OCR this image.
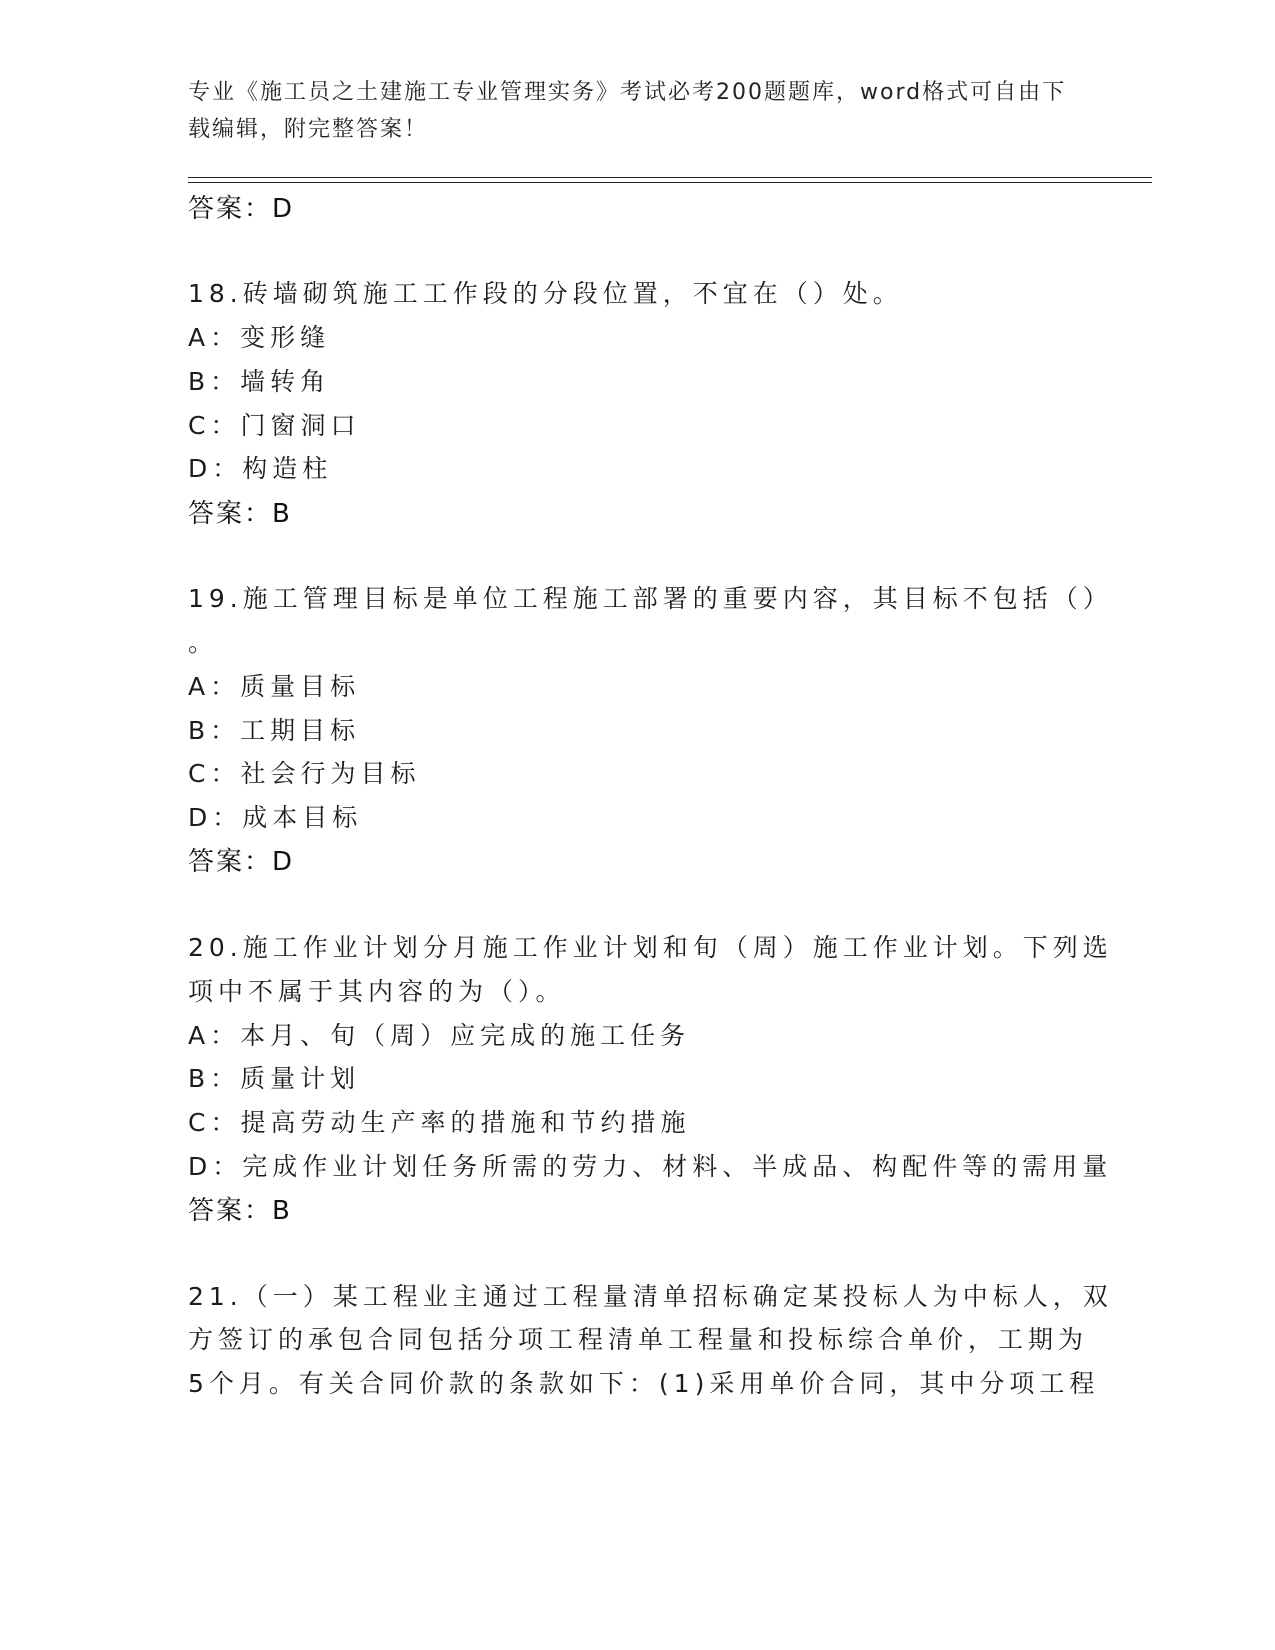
专业《施工员之土建施工专业管理实务》考试必考200题题库，word格式可自由下载编辑，附完整答案！
答案：D
18.砖墙砌筑施工工作段的分段位置，不宜在（）处。
A：变形缝
B：墙转角
C：门窗洞口
D：构造柱
答案：B
19.施工管理目标是单位工程施工部署的重要内容，其目标不包括（）
。
A：质量目标
B：工期目标
C：社会行为目标
D：成本目标
答案：D
20.施工作业计划分月施工作业计划和旬（周）施工作业计划。下列选
项中不属于其内容的为（）。
A：本月、旬（周）应完成的施工任务
B：质量计划
C：提高劳动生产率的措施和节约措施
D：完成作业计划任务所需的劳力、材料、半成品、构配件等的需用量
答案：B
21.（一）某工程业主通过工程量清单招标确定某投标人为中标人，双
方签订的承包合同包括分项工程清单工程量和投标综合单价，工期为
5个月。有关合同价款的条款如下：(1)采用单价合同，其中分项工程
